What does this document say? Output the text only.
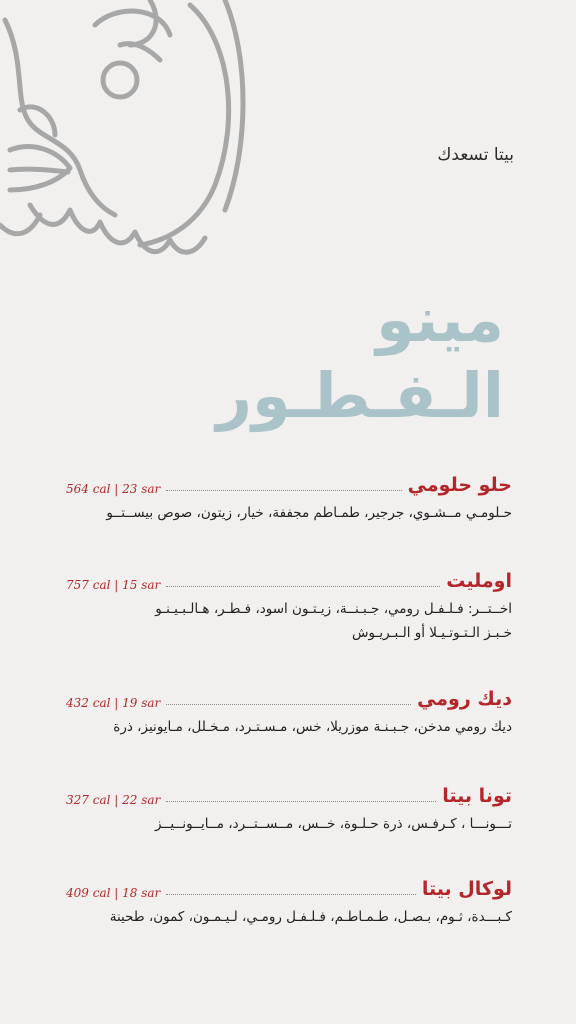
بيتا تسعدك
مينو
الـفـطـور
564 cal | 23 sar	حلو حلومي
حـلومـي مــشـوي، جرجير، طمـاطم مجففة، خيار، زيتون، صوص بيســتــو
757 cal | 15 sar	اومليت
اخــتــر: فـلـفـل رومي، جـبـنــة، زيـتـون اسود، فـطـر، هـالـبـيـنـو
خـبـز الـتـوتـيـلا أو الـبـريـوش
432 cal | 19 sar	ديك رومي
ديك رومي مدخن، جـبـنـة موزريلا، خس، مـسـتـرد، مـخـلل، مـايونيز، ذرة
327 cal | 22 sar	تونا بيتا
تـــونـــا ، كـرفـس، ذرة حـلـوة، خــس، مــســتــرد، مــايــونــيــز
409 cal | 18 sar	لوكال بيتا
كـبـــدة، ثـوم، بـصـل، طـمـاطـم، فـلـفـل رومـي، لـيـمـون، كمون، طحينة
